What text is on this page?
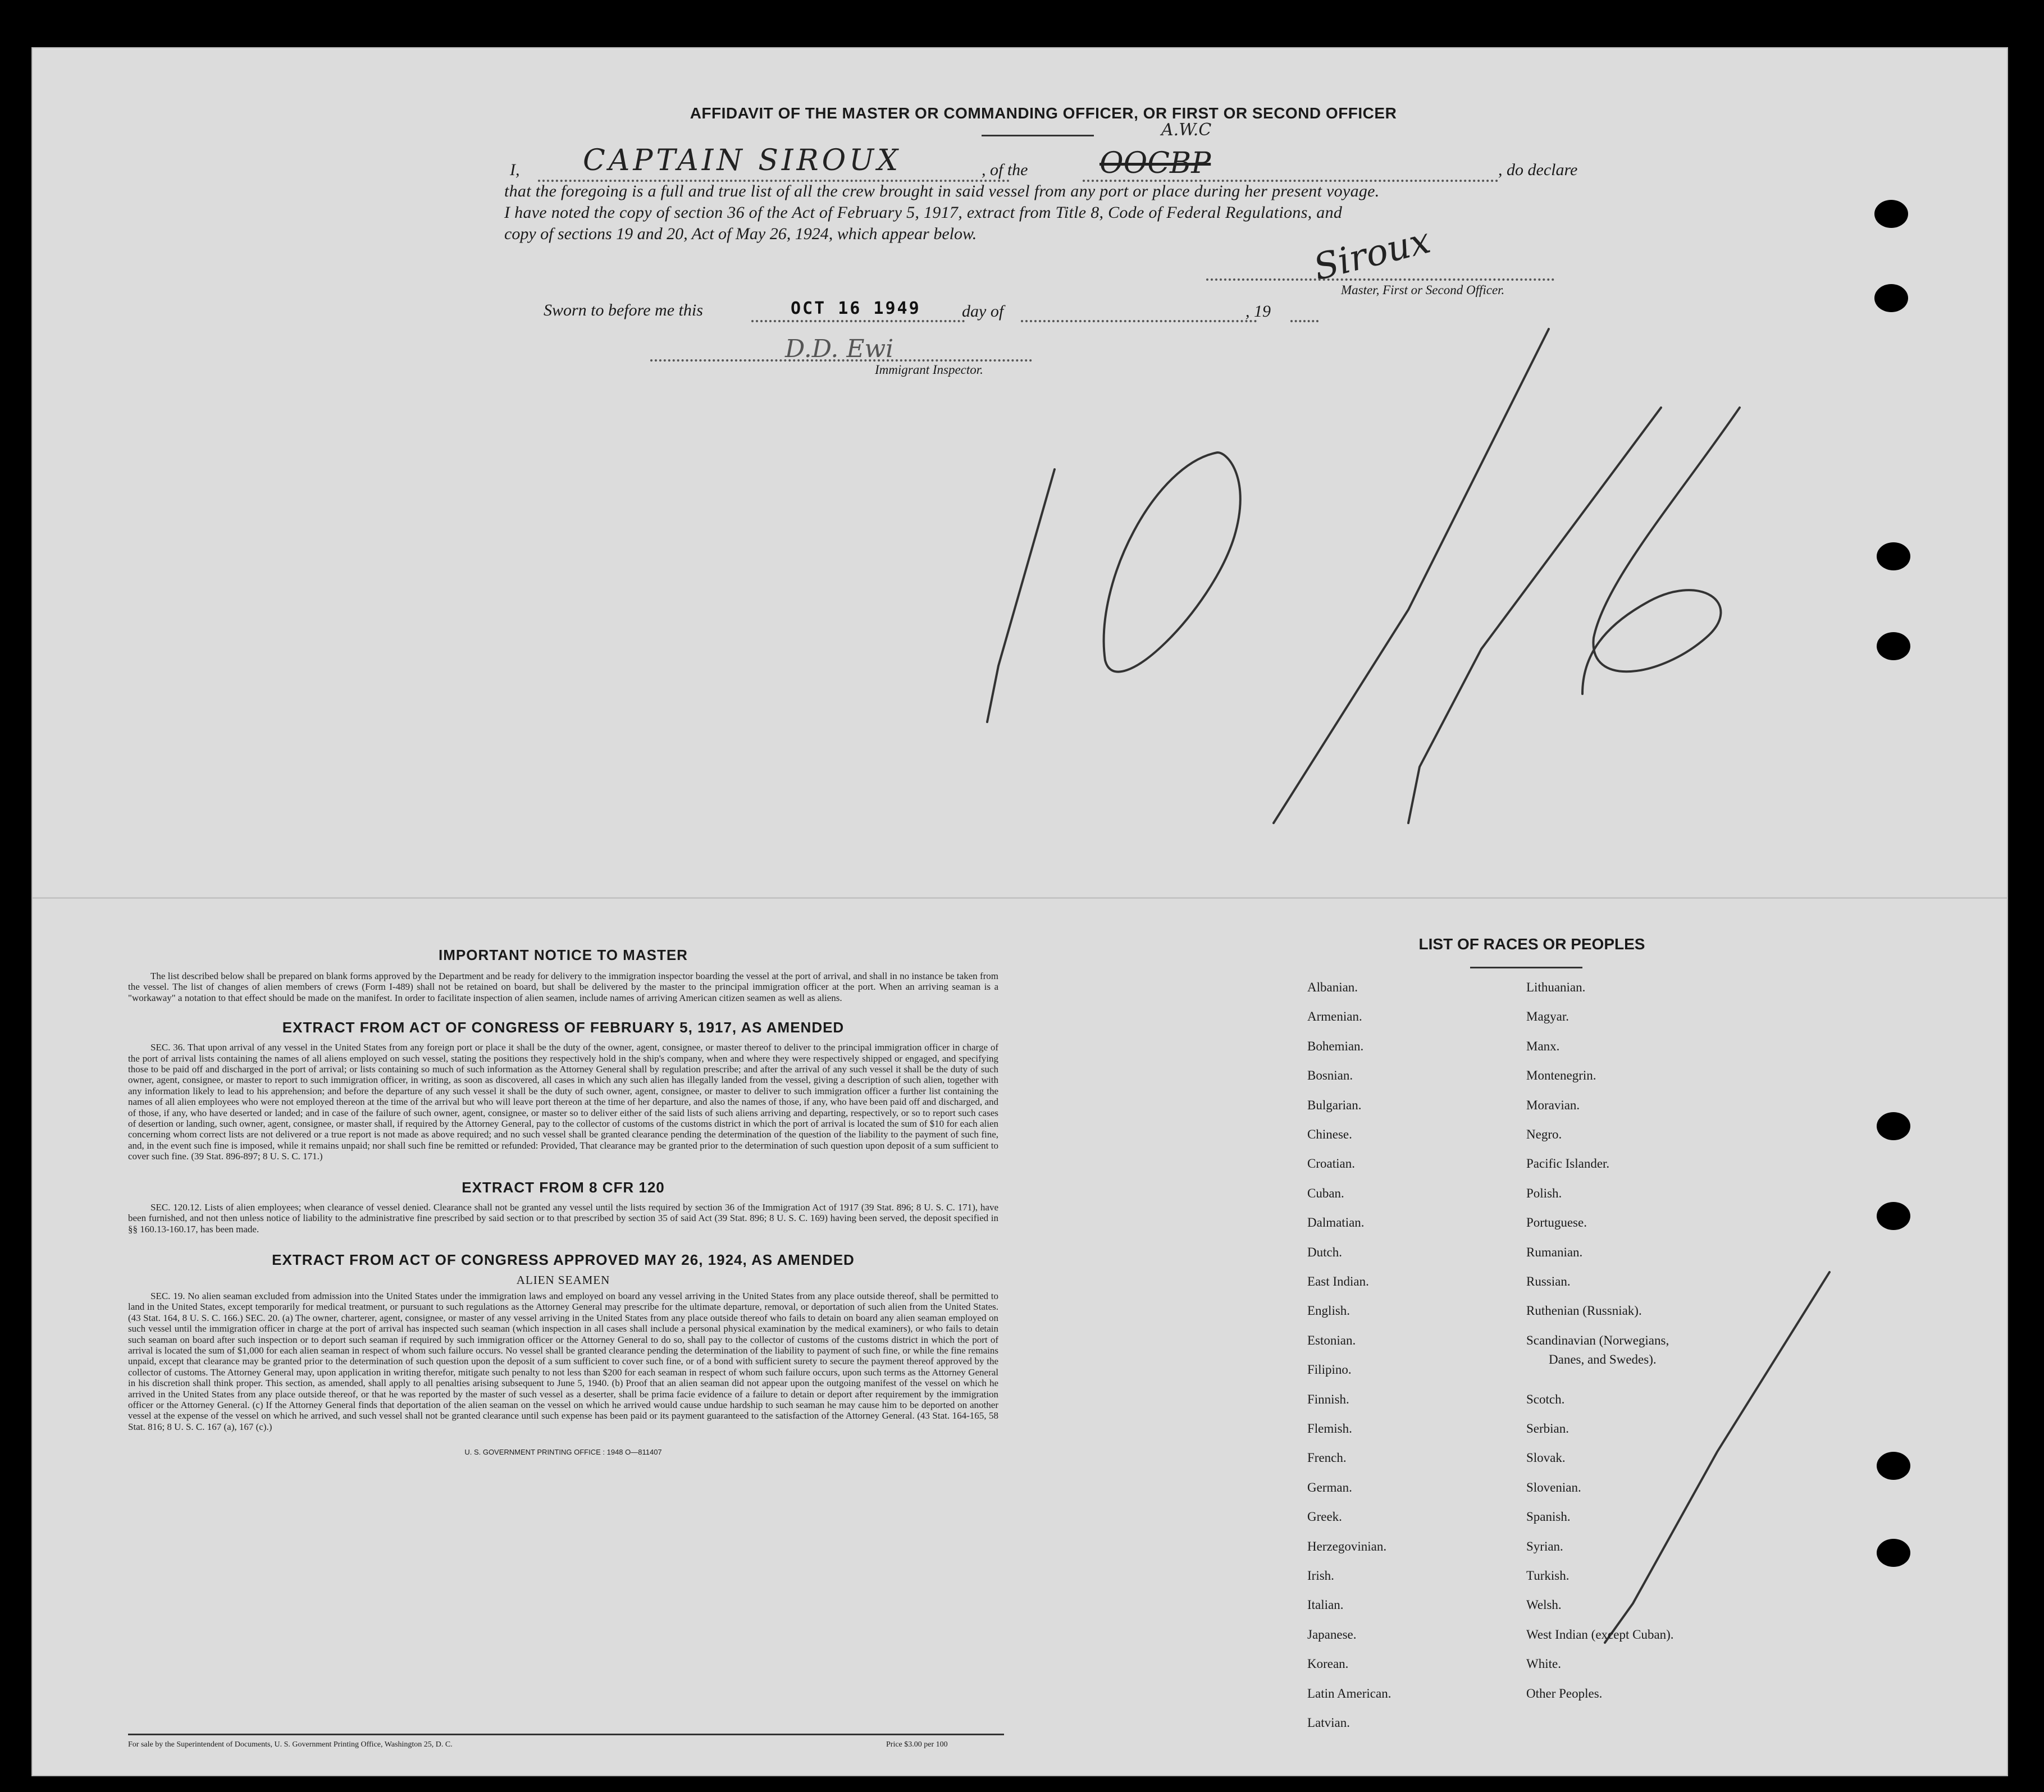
AFFIDAVIT OF THE MASTER OR COMMANDING OFFICER, OR FIRST OR SECOND OFFICER
I, CAPTAIN SIROUX	, of the
A.W.C
OOCBP	, do declare
that the foregoing is a full and true list of all the crew brought in said vessel from any port or place during her present voyage.
I have noted the copy of section 36 of the Act of February 5, 1917, extract from Title 8, Code of Federal Regulations, and
copy of sections 19 and 20, Act of May 26, 1924, which appear below.	Siroux
Master, First or Second Officer.
Sworn to before me this	OCT 16 1949 day of	, 19
D.D. Ewi
Immigrant Inspector.
10/16
IMPORTANT NOTICE TO MASTER
The list described below shall be prepared on blank forms approved by the Department and be ready for delivery to the immigration inspector boarding the vessel at the port of arrival, and shall in no instance be taken from the vessel. The list of changes of alien members of crews (Form I-489) shall not be retained on board, but shall be delivered by the master to the principal immigration officer at the port. When an arriving seaman is a "workaway" a notation to that effect should be made on the manifest. In order to facilitate inspection of alien seamen, include names of arriving American citizen seamen as well as aliens.
EXTRACT FROM ACT OF CONGRESS OF FEBRUARY 5, 1917, AS AMENDED
SEC. 36. That upon arrival of any vessel in the United States from any foreign port or place it shall be the duty of the owner, agent, consignee, or master thereof to deliver to the principal immigration officer in charge of the port of arrival lists containing the names of all aliens employed on such vessel, stating the positions they respectively hold in the ship's company, when and where they were respectively shipped or engaged, and specifying those to be paid off and discharged in the port of arrival; or lists containing so much of such information as the Attorney General shall by regulation prescribe; and after the arrival of any such vessel it shall be the duty of such owner, agent, consignee, or master to report to such immigration officer, in writing, as soon as discovered, all cases in which any such alien has illegally landed from the vessel, giving a description of such alien, together with any information likely to lead to his apprehension; and before the departure of any such vessel it shall be the duty of such owner, agent, consignee, or master to deliver to such immigration officer a further list containing the names of all alien employees who were not employed thereon at the time of the arrival but who will leave port thereon at the time of her departure, and also the names of those, if any, who have been paid off and discharged, and of those, if any, who have deserted or landed; and in case of the failure of such owner, agent, consignee, or master so to deliver either of the said lists of such aliens arriving and departing, respectively, or so to report such cases of desertion or landing, such owner, agent, consignee, or master shall, if required by the Attorney General, pay to the collector of customs of the customs district in which the port of arrival is located the sum of $10 for each alien concerning whom correct lists are not delivered or a true report is not made as above required; and no such vessel shall be granted clearance pending the determination of the question of the liability to the payment of such fine, and, in the event such fine is imposed, while it remains unpaid; nor shall such fine be remitted or refunded: Provided, That clearance may be granted prior to the determination of such question upon deposit of a sum sufficient to cover such fine. (39 Stat. 896-897; 8 U. S. C. 171.)
EXTRACT FROM 8 CFR 120
SEC. 120.12. Lists of alien employees; when clearance of vessel denied. Clearance shall not be granted any vessel until the lists required by section 36 of the Immigration Act of 1917 (39 Stat. 896; 8 U. S. C. 171), have been furnished, and not then unless notice of liability to the administrative fine prescribed by said section or to that prescribed by section 35 of said Act (39 Stat. 896; 8 U. S. C. 169) having been served, the deposit specified in §§ 160.13-160.17, has been made.
EXTRACT FROM ACT OF CONGRESS APPROVED MAY 26, 1924, AS AMENDED
ALIEN SEAMEN
SEC. 19. No alien seaman excluded from admission into the United States under the immigration laws and employed on board any vessel arriving in the United States from any place outside thereof, shall be permitted to land in the United States, except temporarily for medical treatment, or pursuant to such regulations as the Attorney General may prescribe for the ultimate departure, removal, or deportation of such alien from the United States. (43 Stat. 164, 8 U. S. C. 166.) SEC. 20. (a) The owner, charterer, agent, consignee, or master of any vessel arriving in the United States from any place outside thereof who fails to detain on board any alien seaman employed on such vessel until the immigration officer in charge at the port of arrival has inspected such seaman (which inspection in all cases shall include a personal physical examination by the medical examiners), or who fails to detain such seaman on board after such inspection or to deport such seaman if required by such immigration officer or the Attorney General to do so, shall pay to the collector of customs of the customs district in which the port of arrival is located the sum of $1,000 for each alien seaman in respect of whom such failure occurs. No vessel shall be granted clearance pending the determination of the liability to payment of such fine, or while the fine remains unpaid, except that clearance may be granted prior to the determination of such question upon the deposit of a sum sufficient to cover such fine, or of a bond with sufficient surety to secure the payment thereof approved by the collector of customs. The Attorney General may, upon application in writing therefor, mitigate such penalty to not less than $200 for each seaman in respect of whom such failure occurs, upon such terms as the Attorney General in his discretion shall think proper. This section, as amended, shall apply to all penalties arising subsequent to June 5, 1940. (b) Proof that an alien seaman did not appear upon the outgoing manifest of the vessel on which he arrived in the United States from any place outside thereof, or that he was reported by the master of such vessel as a deserter, shall be prima facie evidence of a failure to detain or deport after requirement by the immigration officer or the Attorney General. (c) If the Attorney General finds that deportation of the alien seaman on the vessel on which he arrived would cause undue hardship to such seaman he may cause him to be deported on another vessel at the expense of the vessel on which he arrived, and such vessel shall not be granted clearance until such expense has been paid or its payment guaranteed to the satisfaction of the Attorney General. (43 Stat. 164-165, 58 Stat. 816; 8 U. S. C. 167 (a), 167 (c).)
U. S. GOVERNMENT PRINTING OFFICE : 1948 O—811407
For sale by the Superintendent of Documents, U. S. Government Printing Office, Washington 25, D. C.	Price $3.00 per 100
LIST OF RACES OR PEOPLES
Albanian.
Armenian.
Bohemian.
Bosnian.
Bulgarian.
Chinese.
Croatian.
Cuban.
Dalmatian.
Dutch.
East Indian.
English.
Estonian.
Filipino.
Finnish.
Flemish.
French.
German.
Greek.
Herzegovinian.
Irish.
Italian.
Japanese.
Korean.
Latin American.
Latvian.
Lithuanian.
Magyar.
Manx.
Montenegrin.
Moravian.
Negro.
Pacific Islander.
Polish.
Portuguese.
Rumanian.
Russian.
Ruthenian (Russniak).
Scandinavian (Norwegians,
Danes, and Swedes).
Scotch.
Serbian.
Slovak.
Slovenian.
Spanish.
Syrian.
Turkish.
Welsh.
West Indian (except Cuban).
White.
Other Peoples.
